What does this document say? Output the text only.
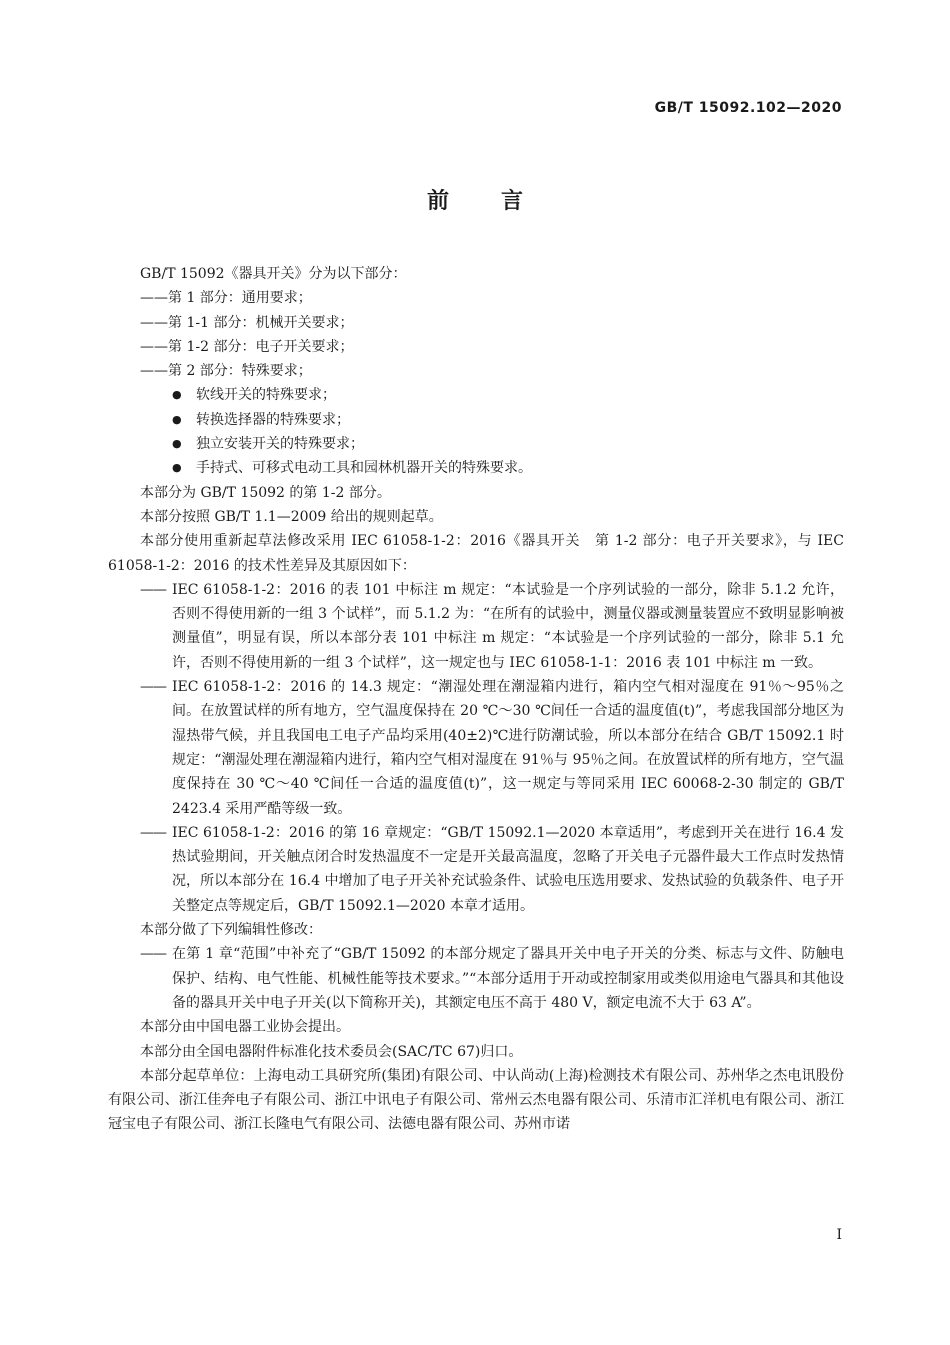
GB/T 15092.102—2020
前言
GB/T 15092《器具开关》分为以下部分：
——第 1 部分：通用要求；
——第 1-1 部分：机械开关要求；
——第 1-2 部分：电子开关要求；
——第 2 部分：特殊要求；
●	软线开关的特殊要求；
●	转换选择器的特殊要求；
●	独立安装开关的特殊要求；
●	手持式、可移式电动工具和园林机器开关的特殊要求。
本部分为 GB/T 15092 的第 1-2 部分。
本部分按照 GB/T 1.1—2009 给出的规则起草。
本部分使用重新起草法修改采用 IEC 61058-1-2：2016《器具开关　第 1-2 部分：电子开关要求》，与 IEC 61058-1-2：2016 的技术性差异及其原因如下：
—— IEC 61058-1-2：2016 的表 101 中标注 m 规定：“本试验是一个序列试验的一部分，除非 5.1.2 允许，否则不得使用新的一组 3 个试样”，而 5.1.2 为：“在所有的试验中，测量仪器或测量装置应不致明显影响被测量值”，明显有误，所以本部分表 101 中标注 m 规定：“本试验是一个序列试验的一部分，除非 5.1 允许，否则不得使用新的一组 3 个试样”，这一规定也与 IEC 61058-1-1：2016 表 101 中标注 m 一致。
—— IEC 61058-1-2：2016 的 14.3 规定：“潮湿处理在潮湿箱内进行，箱内空气相对湿度在 91％～95％之间。在放置试样的所有地方，空气温度保持在 20 ℃～30 ℃间任一合适的温度值(t)”，考虑我国部分地区为湿热带气候，并且我国电工电子产品均采用(40±2)℃进行防潮试验，所以本部分在结合 GB/T 15092.1 时规定：“潮湿处理在潮湿箱内进行，箱内空气相对湿度在 91％与 95％之间。在放置试样的所有地方，空气温度保持在 30 ℃～40 ℃间任一合适的温度值(t)”，这一规定与等同采用 IEC 60068-2-30 制定的 GB/T 2423.4 采用严酷等级一致。
—— IEC 61058-1-2：2016 的第 16 章规定：“GB/T 15092.1—2020 本章适用”，考虑到开关在进行 16.4 发热试验期间，开关触点闭合时发热温度不一定是开关最高温度，忽略了开关电子元器件最大工作点时发热情况，所以本部分在 16.4 中增加了电子开关补充试验条件、试验电压选用要求、发热试验的负载条件、电子开关整定点等规定后，GB/T 15092.1—2020 本章才适用。
本部分做了下列编辑性修改：
—— 在第 1 章“范围”中补充了“GB/T 15092 的本部分规定了器具开关中电子开关的分类、标志与文件、防触电保护、结构、电气性能、机械性能等技术要求。”“本部分适用于开动或控制家用或类似用途电气器具和其他设备的器具开关中电子开关(以下简称开关)，其额定电压不高于 480 V，额定电流不大于 63 A”。
本部分由中国电器工业协会提出。
本部分由全国电器附件标准化技术委员会(SAC/TC 67)归口。
本部分起草单位：上海电动工具研究所(集团)有限公司、中认尚动(上海)检测技术有限公司、苏州华之杰电讯股份有限公司、浙江佳奔电子有限公司、浙江中讯电子有限公司、常州云杰电器有限公司、乐清市汇洋机电有限公司、浙江冠宝电子有限公司、浙江长隆电气有限公司、法德电器有限公司、苏州市诺
I
